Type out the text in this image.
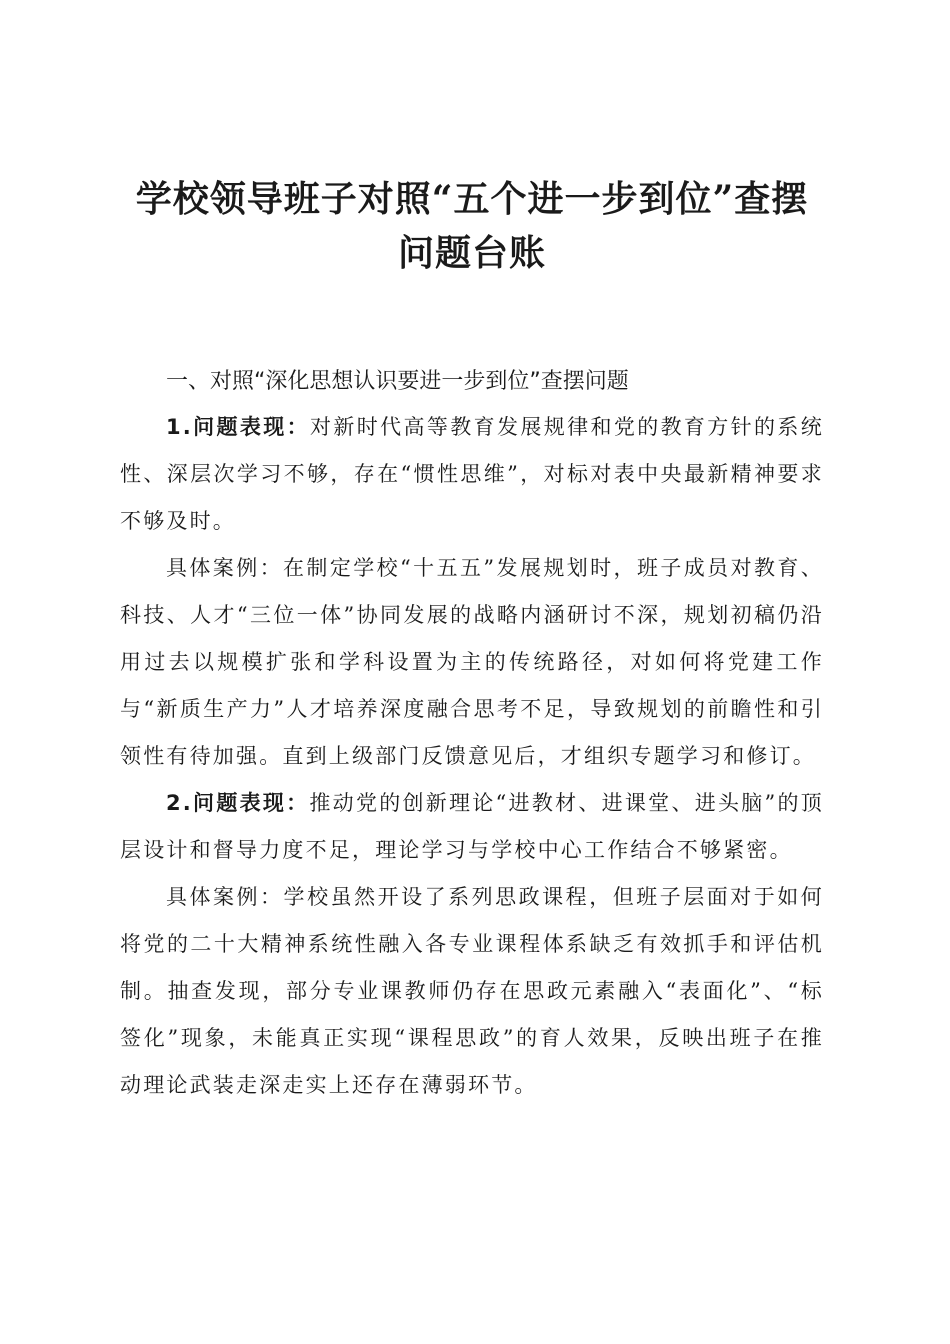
学校领导班子对照“五个进一步到位”查摆问题台账

一、对照“深化思想认识要进一步到位”查摆问题

1.问题表现：对新时代高等教育发展规律和党的教育方针的系统性、深层次学习不够，存在“惯性思维”，对标对表中央最新精神要求不够及时。

具体案例：在制定学校“十五五”发展规划时，班子成员对教育、科技、人才“三位一体”协同发展的战略内涵研讨不深，规划初稿仍沿用过去以规模扩张和学科设置为主的传统路径，对如何将党建工作与“新质生产力”人才培养深度融合思考不足，导致规划的前瞻性和引领性有待加强。直到上级部门反馈意见后，才组织专题学习和修订。

2.问题表现：推动党的创新理论“进教材、进课堂、进头脑”的顶层设计和督导力度不足，理论学习与学校中心工作结合不够紧密。

具体案例：学校虽然开设了系列思政课程，但班子层面对于如何将党的二十大精神系统性融入各专业课程体系缺乏有效抓手和评估机制。抽查发现，部分专业课教师仍存在思政元素融入“表面化”、“标签化”现象，未能真正实现“课程思政”的育人效果，反映出班子在推动理论武装走深走实上还存在薄弱环节。
